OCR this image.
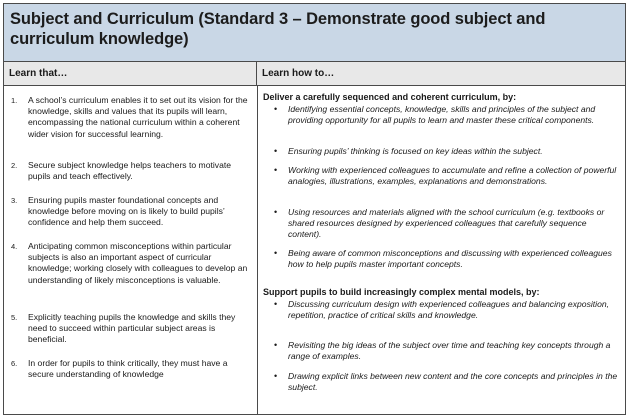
Subject and Curriculum (Standard 3 – Demonstrate good subject and curriculum knowledge)
Learn that…	Learn how to…
1. A school’s curriculum enables it to set out its vision for the knowledge, skills and values that its pupils will learn, encompassing the national curriculum within a coherent wider vision for successful learning.
2. Secure subject knowledge helps teachers to motivate pupils and teach effectively.
3. Ensuring pupils master foundational concepts and knowledge before moving on is likely to build pupils’ confidence and help them succeed.
4. Anticipating common misconceptions within particular subjects is also an important aspect of curricular knowledge; working closely with colleagues to develop an understanding of likely misconceptions is valuable.
5. Explicitly teaching pupils the knowledge and skills they need to succeed within particular subject areas is beneficial.
6. In order for pupils to think critically, they must have a secure understanding of knowledge
Deliver a carefully sequenced and coherent curriculum, by:
• Identifying essential concepts, knowledge, skills and principles of the subject and providing opportunity for all pupils to learn and master these critical components.
• Ensuring pupils’ thinking is focused on key ideas within the subject.
• Working with experienced colleagues to accumulate and refine a collection of powerful analogies, illustrations, examples, explanations and demonstrations.
• Using resources and materials aligned with the school curriculum (e.g. textbooks or shared resources designed by experienced colleagues that carefully sequence content).
• Being aware of common misconceptions and discussing with experienced colleagues how to help pupils master important concepts.
Support pupils to build increasingly complex mental models, by:
• Discussing curriculum design with experienced colleagues and balancing exposition, repetition, practice of critical skills and knowledge.
• Revisiting the big ideas of the subject over time and teaching key concepts through a range of examples.
• Drawing explicit links between new content and the core concepts and principles in the subject.
